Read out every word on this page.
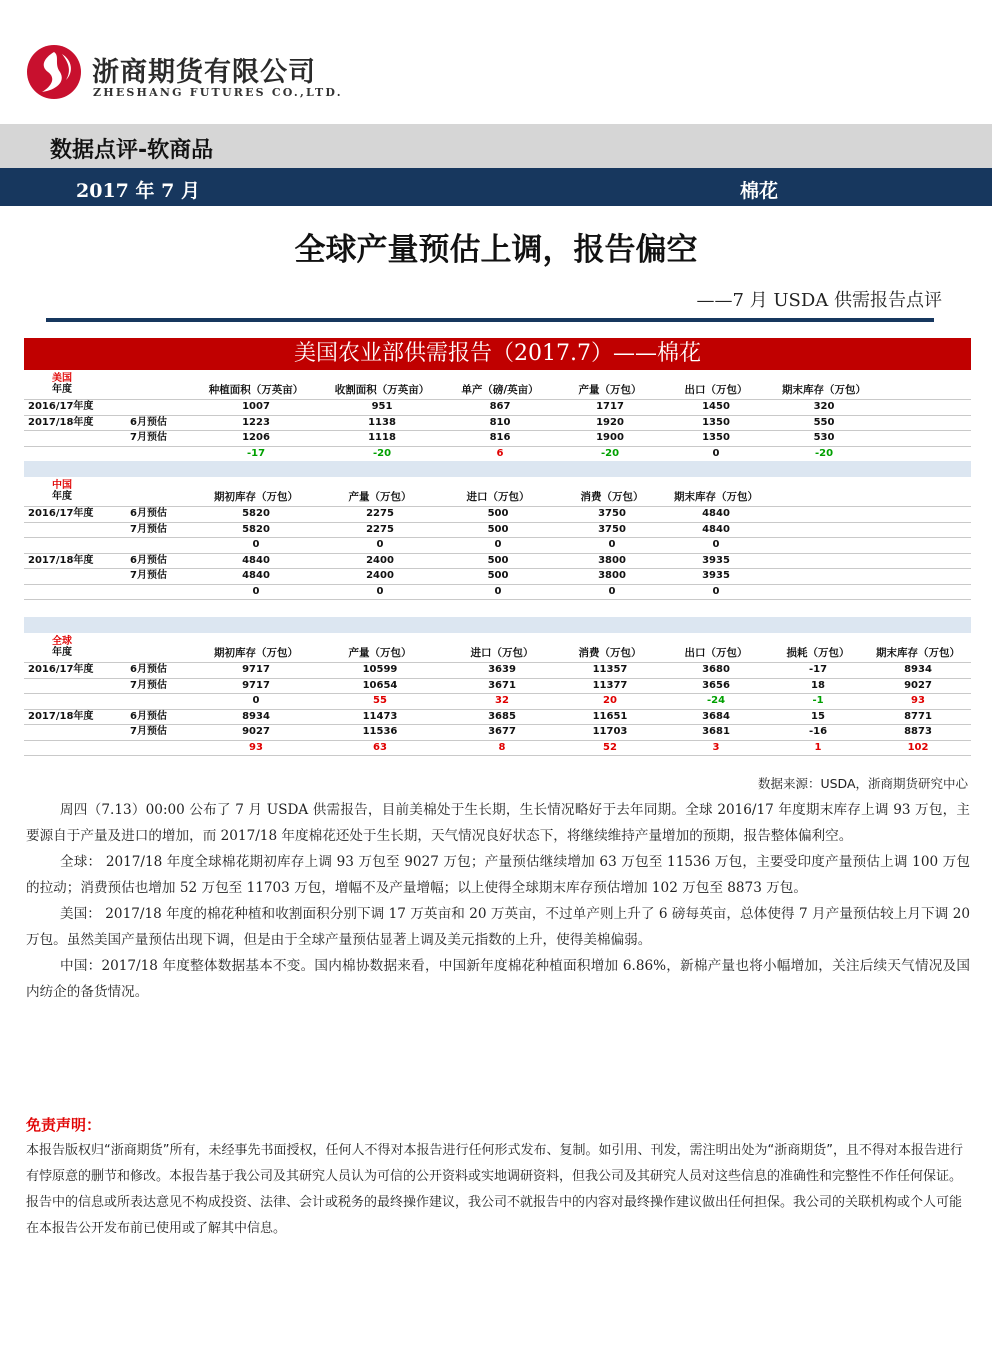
浙商期货有限公司
ZHESHANG FUTURES CO.,LTD.
数据点评-软商品
2017 年 7 月	棉花
全球产量预估上调，报告偏空
——7 月 USDA 供需报告点评
美国农业部供需报告（2017.7）——棉花
美国
年度	种植面积（万英亩）	收割面积（万英亩）	单产（磅/英亩）	产量（万包）	出口（万包）	期末库存（万包）
2016/17年度	1007	951	867	1717	1450	320
2017/18年度	6月预估	1223	1138	810	1920	1350	550
7月预估	1206	1118	816	1900	1350	530
-17	-20	6	-20	0	-20
中国
年度	期初库存（万包）	产量（万包）	进口（万包）	消费（万包）	期末库存（万包）
2016/17年度	6月预估	5820	2275	500	3750	4840
7月预估	5820	2275	500	3750	4840
0	0	0	0	0
2017/18年度	6月预估	4840	2400	500	3800	3935
7月预估	4840	2400	500	3800	3935
0	0	0	0	0
全球
年度	期初库存（万包）	产量（万包）	进口（万包）	消费（万包）	出口（万包）	损耗（万包）	期末库存（万包）
2016/17年度	6月预估	9717	10599	3639	11357	3680	-17	8934
7月预估	9717	10654	3671	11377	3656	18	9027
0	55	32	20	-24	-1	93
2017/18年度	6月预估	8934	11473	3685	11651	3684	15	8771
7月预估	9027	11536	3677	11703	3681	-16	8873
93	63	8	52	3	1	102
数据来源：USDA，浙商期货研究中心

周四（7.13）00:00 公布了 7 月 USDA 供需报告，目前美棉处于生长期，生长情况略好于去年同期。全球 2016/17 年度期末库存上调 93 万包，主要源自于产量及进口的增加，而 2017/18 年度棉花还处于生长期，天气情况良好状态下，将继续维持产量增加的预期，报告整体偏利空。

全球： 2017/18 年度全球棉花期初库存上调 93 万包至 9027 万包；产量预估继续增加 63 万包至 11536 万包，主要受印度产量预估上调 100 万包的拉动；消费预估也增加 52 万包至 11703 万包，增幅不及产量增幅；以上使得全球期末库存预估增加 102 万包至 8873 万包。

美国： 2017/18 年度的棉花种植和收割面积分别下调 17 万英亩和 20 万英亩，不过单产则上升了 6 磅每英亩，总体使得 7 月产量预估较上月下调 20 万包。虽然美国产量预估出现下调，但是由于全球产量预估显著上调及美元指数的上升，使得美棉偏弱。

中国：2017/18 年度整体数据基本不变。国内棉协数据来看，中国新年度棉花种植面积增加 6.86%，新棉产量也将小幅增加，关注后续天气情况及国内纺企的备货情况。

免责声明：
本报告版权归“浙商期货”所有，未经事先书面授权，任何人不得对本报告进行任何形式发布、复制。如引用、刊发，需注明出处为“浙商期货”，且不得对本报告进行有悖原意的删节和修改。本报告基于我公司及其研究人员认为可信的公开资料或实地调研资料，但我公司及其研究人员对这些信息的准确性和完整性不作任何保证。报告中的信息或所表达意见不构成投资、法律、会计或税务的最终操作建议，我公司不就报告中的内容对最终操作建议做出任何担保。我公司的关联机构或个人可能在本报告公开发布前已使用或了解其中信息。
